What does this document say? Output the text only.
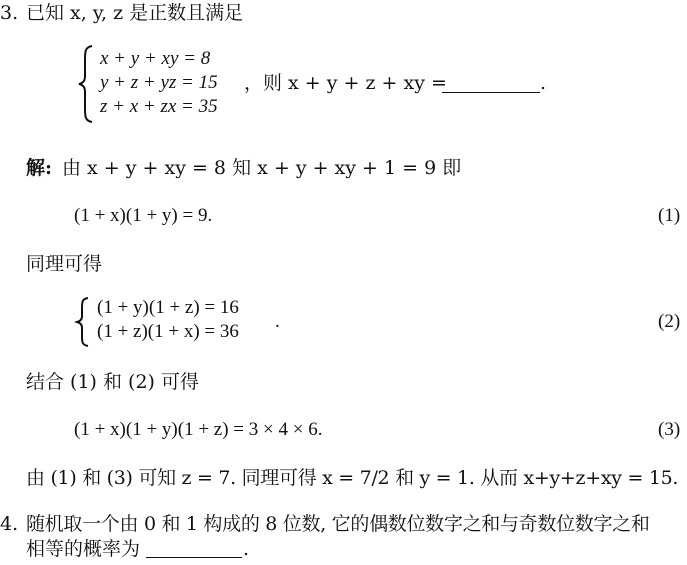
3. 已知 x, y, z 是正数且满足
x + y + xy = 8
y + z + yz = 15
z + x + zx = 35
，则 x + y + z + xy =	.
解: 由 x + y + xy = 8 知 x + y + xy + 1 = 9 即
(1 + x)(1 + y) = 9.	(1)
同理可得
(1 + y)(1 + z) = 16
(1 + z)(1 + x) = 36 .	(2)
结合 (1) 和 (2) 可得
(1 + x)(1 + y)(1 + z) = 3 × 4 × 6.	(3)
由 (1) 和 (3) 可知 z = 7. 同理可得 x = 7/2 和 y = 1. 从而 x+y+z+xy = 15.
4. 随机取一个由 0 和 1 构成的 8 位数, 它的偶数位数字之和与奇数位数字之和
相等的概率为	.
